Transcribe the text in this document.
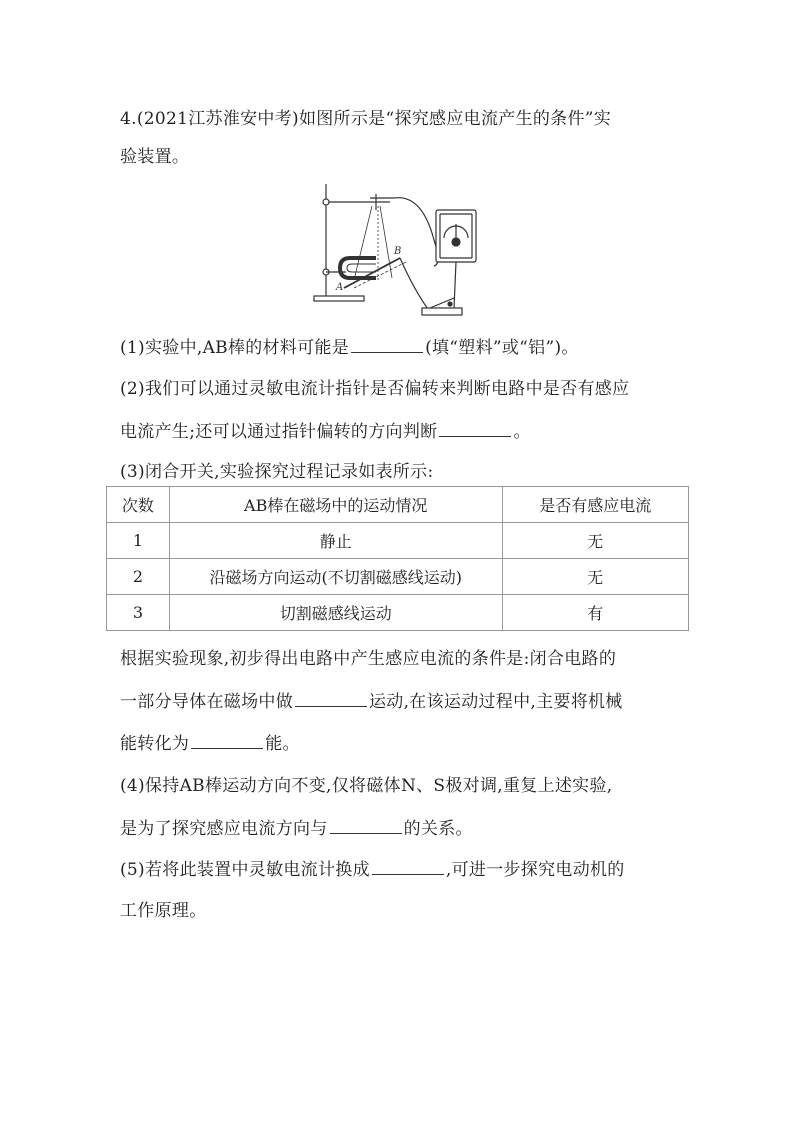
4.(2021江苏淮安中考)如图所示是“探究感应电流产生的条件”实
验装置。
A
B
(1)实验中,AB棒的材料可能是	(填“塑料”或“铝”)。
(2)我们可以通过灵敏电流计指针是否偏转来判断电路中是否有感应
电流产生;还可以通过指针偏转的方向判断	。
(3)闭合开关,实验探究过程记录如表所示:
次数	AB棒在磁场中的运动情况	是否有感应电流
1	静止	无
2	沿磁场方向运动(不切割磁感线运动)	无
3	切割磁感线运动	有
根据实验现象,初步得出电路中产生感应电流的条件是:闭合电路的
一部分导体在磁场中做	运动,在该运动过程中,主要将机械
能转化为	能。
(4)保持AB棒运动方向不变,仅将磁体N、S极对调,重复上述实验,
是为了探究感应电流方向与	的关系。
(5)若将此装置中灵敏电流计换成	,可进一步探究电动机的
工作原理。
